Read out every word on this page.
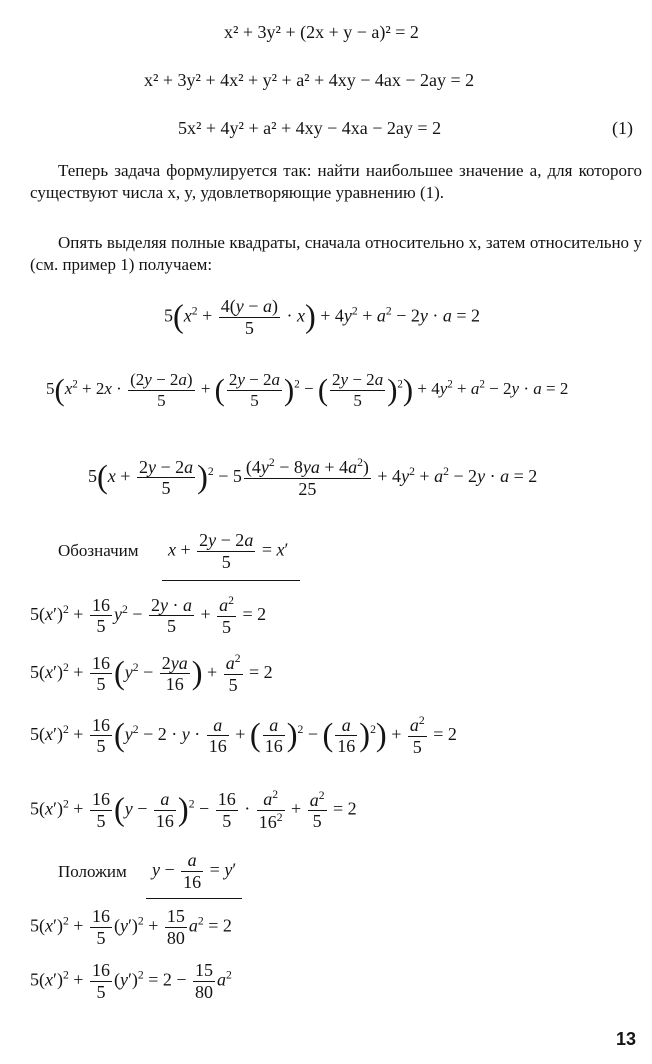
x² + 3y² + (2x + y − a)² = 2
x² + 3y² + 4x² + y² + a² + 4xy − 4ax − 2ay = 2
5x² + 4y² + a² + 4xy − 4xa − 2ay = 2	(1)
Теперь задача формулируется так: найти наибольшее значение a, для которого существуют числа x, y, удовлетворяющие уравнению (1).
Опять выделяя полные квадраты, сначала относительно x, затем относительно y (см. пример 1) получаем:
$5(x^2 + \frac{4(y - a)}{5} \cdot x) + 4y^2 + a^2 - 2y \cdot a = 2$
$5(x^2 + 2x \cdot \frac{(2y - 2a)}{5}$ + ( $\frac{2y - 2a}{5} )^2$ − ( $\frac{2y - 2a}{5} )^2) + 4y^2 + a^2 - 2y \cdot a = 2$
$5(x + \frac{2y - 2a}{5} )^2 - 5 \frac{(4y^2 - 8ya + 4a^2)}{25} + 4y^2 + a^2 - 2y \cdot a = 2$
Обозначим $x + \frac{2y - 2a}{5} = x'$
$5(x')^2 + \frac{16}{5} y^2 - \frac{2y \cdot a}{5} + \frac{a^2}{5} = 2$
$5(x')^2 + \frac{16}{5} (y^2 - \frac{2ya}{16}$ ) + $\frac{a^2}{5} = 2$
$5(x')^2 + \frac{16}{5} (y^2 - 2 \cdot y \cdot \frac{a}{16}$ + ( $\frac{a}{16} )^2$ − ( $\frac{a}{16} )^2) + \frac{a^2}{5} = 2$
$5(x')^2 + \frac{16}{5} (y - \frac{a}{16} )^2 - \frac{16}{5} \cdot \frac{a^2}{16^2} + \frac{a^2}{5} = 2$
Положим $y - \frac{a}{16} = y'$
$5(x')^2 + \frac{16}{5} (y')^2 + \frac{15}{80} a^2 = 2$
$5(x')^2 + \frac{16}{5} (y')^2 = 2 - \frac{15}{80} a^2$
13
